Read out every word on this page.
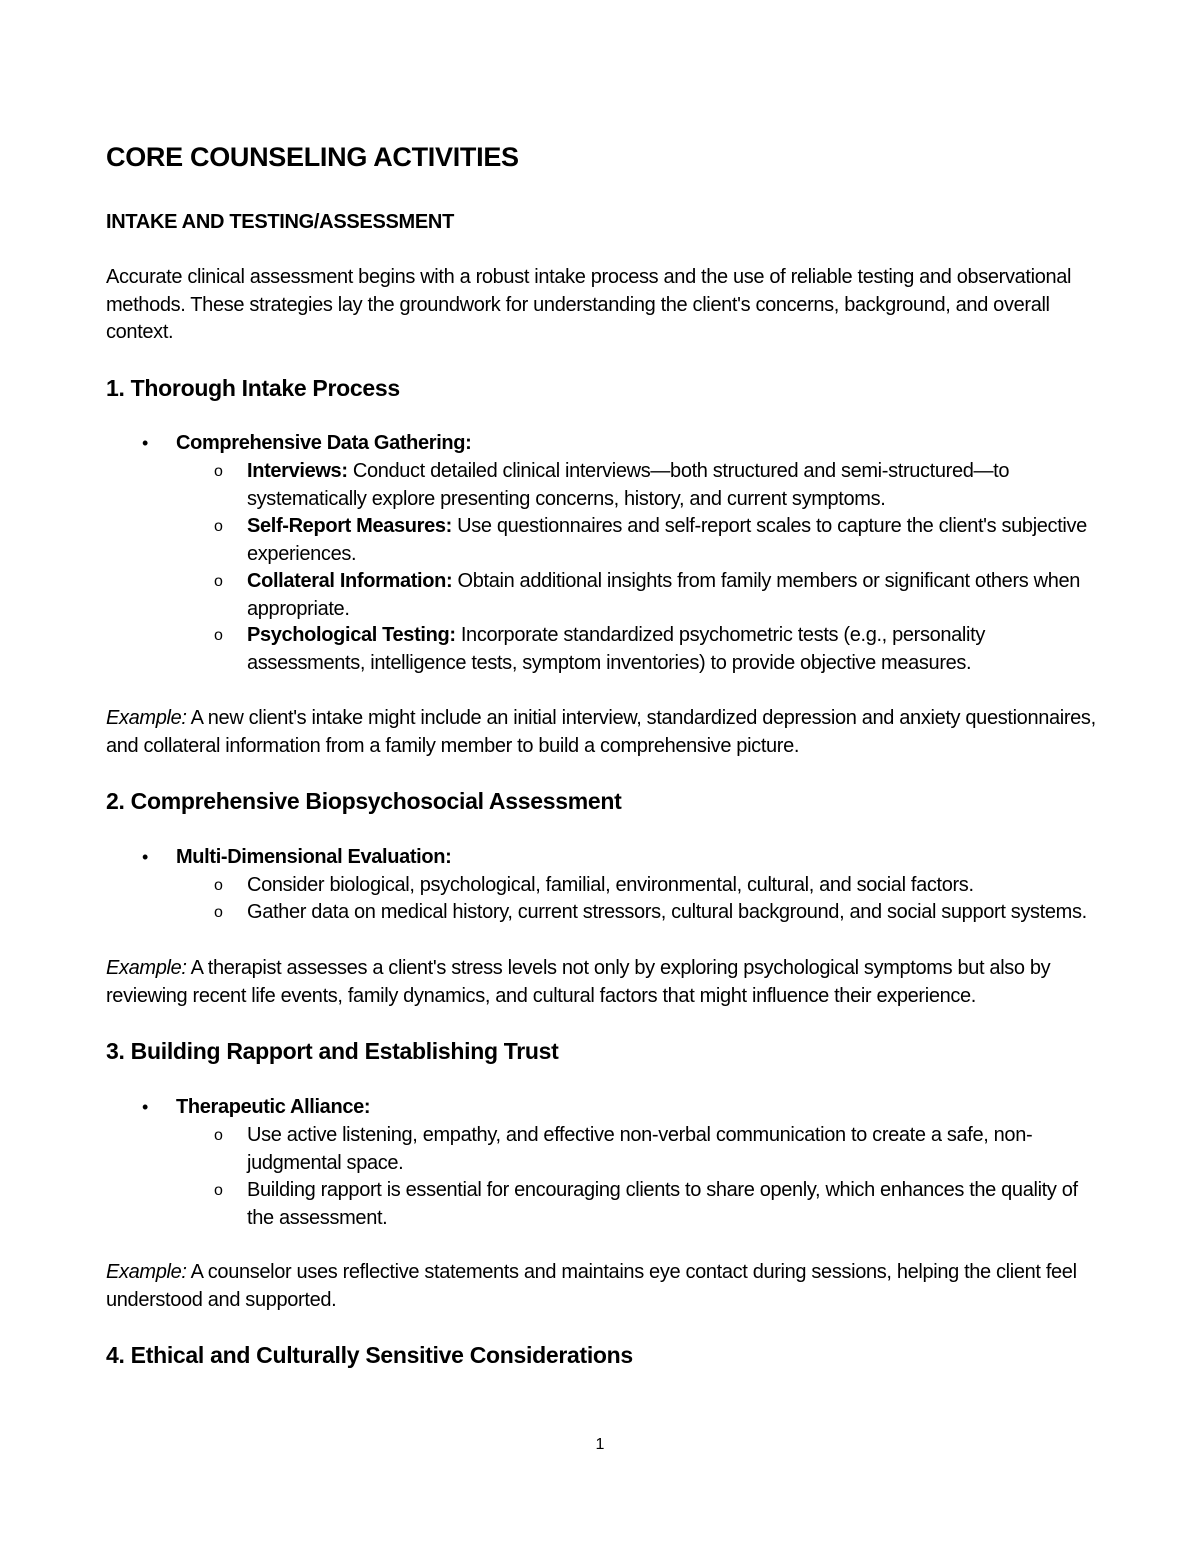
CORE COUNSELING ACTIVITIES
INTAKE AND TESTING/ASSESSMENT

Accurate clinical assessment begins with a robust intake process and the use of reliable testing and observational methods. These strategies lay the groundwork for understanding the client's concerns, background, and overall context.

1. Thorough Intake Process
• Comprehensive Data Gathering:
o Interviews: Conduct detailed clinical interviews—both structured and semi-structured—to systematically explore presenting concerns, history, and current symptoms.
o Self-Report Measures: Use questionnaires and self-report scales to capture the client's subjective experiences.
o Collateral Information: Obtain additional insights from family members or significant others when appropriate.
o Psychological Testing: Incorporate standardized psychometric tests (e.g., personality assessments, intelligence tests, symptom inventories) to provide objective measures.

Example: A new client's intake might include an initial interview, standardized depression and anxiety questionnaires, and collateral information from a family member to build a comprehensive picture.

2. Comprehensive Biopsychosocial Assessment
• Multi-Dimensional Evaluation:
o Consider biological, psychological, familial, environmental, cultural, and social factors.
o Gather data on medical history, current stressors, cultural background, and social support systems.

Example: A therapist assesses a client's stress levels not only by exploring psychological symptoms but also by reviewing recent life events, family dynamics, and cultural factors that might influence their experience.

3. Building Rapport and Establishing Trust
• Therapeutic Alliance:
o Use active listening, empathy, and effective non-verbal communication to create a safe, non-judgmental space.
o Building rapport is essential for encouraging clients to share openly, which enhances the quality of the assessment.

Example: A counselor uses reflective statements and maintains eye contact during sessions, helping the client feel understood and supported.

4. Ethical and Culturally Sensitive Considerations
1
